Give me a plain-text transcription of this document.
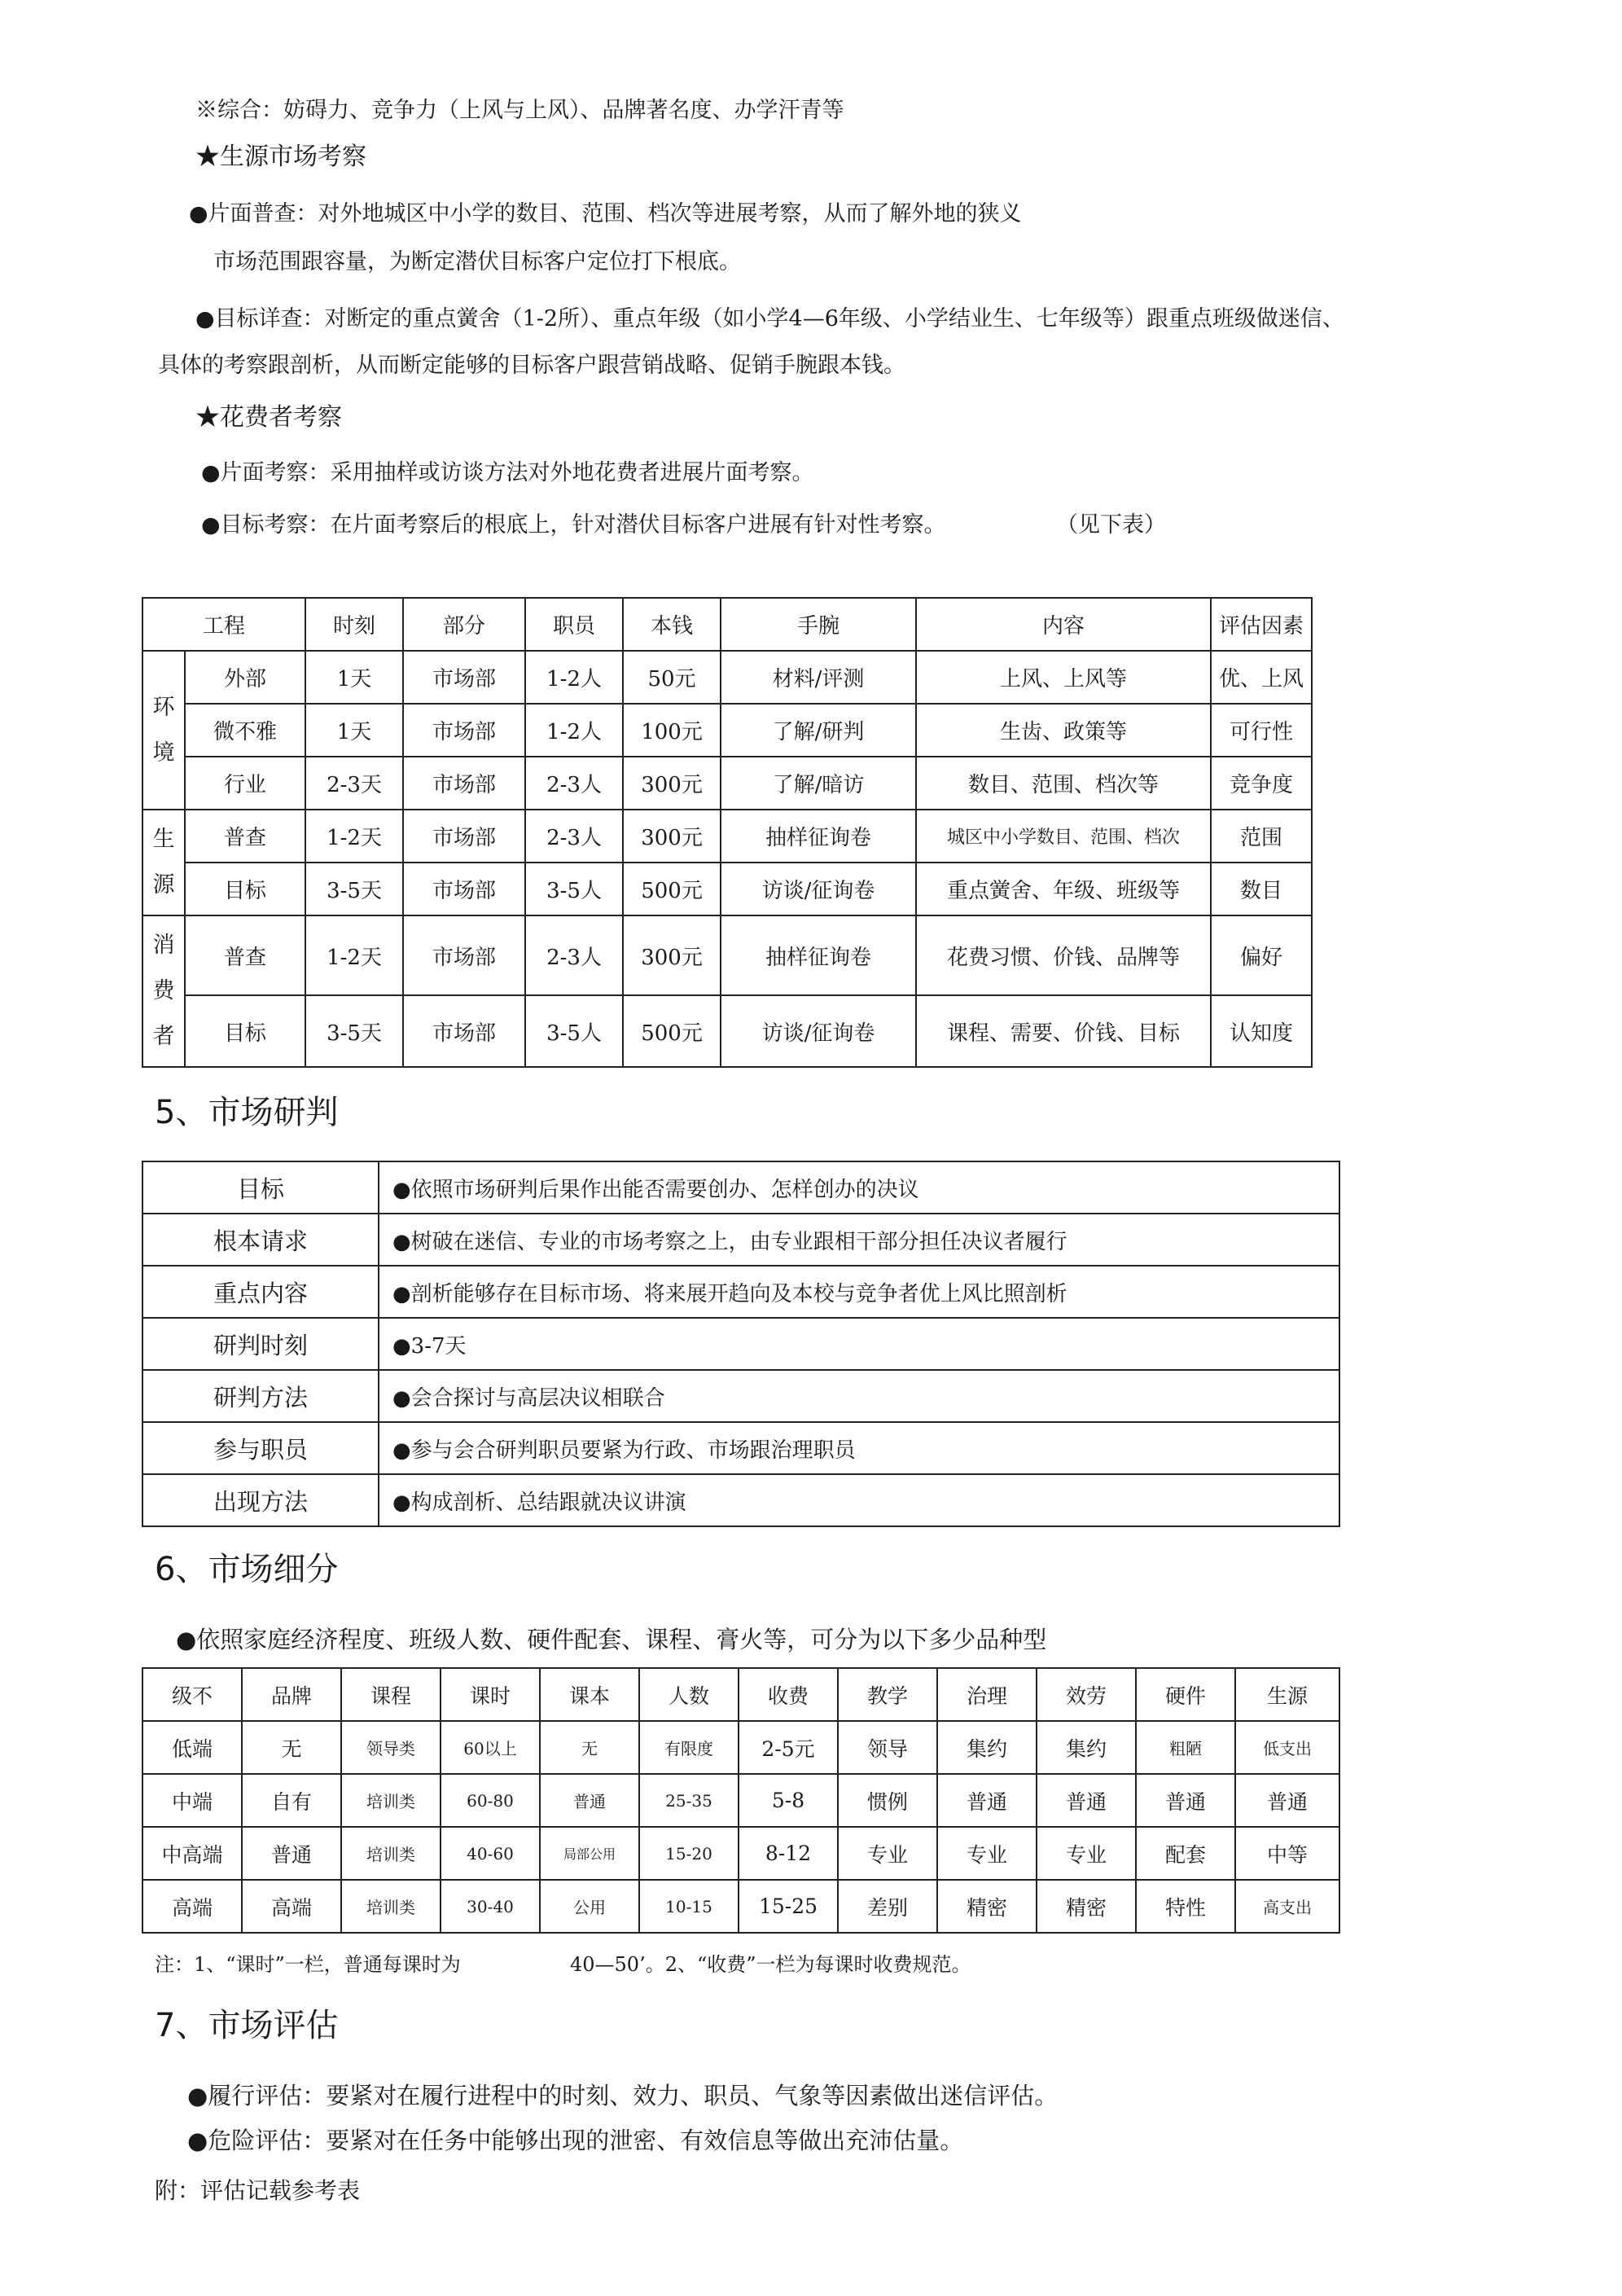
※综合：妨碍力、竞争力（上风与上风）、品牌著名度、办学汗青等
★生源市场考察
●片面普查：对外地城区中小学的数目、范围、档次等进展考察，从而了解外地的狭义
市场范围跟容量，为断定潜伏目标客户定位打下根底。
●目标详查：对断定的重点黉舍（1-2所）、重点年级（如小学4—6年级、小学结业生、七年级等）跟重点班级做迷信、
具体的考察跟剖析，从而断定能够的目标客户跟营销战略、促销手腕跟本钱。
★花费者考察
●片面考察：采用抽样或访谈方法对外地花费者进展片面考察。
●目标考察：在片面考察后的根底上，针对潜伏目标客户进展有针对性考察。	（见下表）
工程		时刻	部分	职员	本钱	手腕	内容	评估因素
环
境	外部	1天	市场部	1-2人	50元	材料/评测	上风、上风等	优、上风
	微不雅	1天	市场部	1-2人	100元	了解/研判	生齿、政策等	可行性
	行业	2-3天	市场部	2-3人	300元	了解/暗访	数目、范围、档次等	竞争度
生
源	普查	1-2天	市场部	2-3人	300元	抽样征询卷	城区中小学数目、范围、档次	范围
	目标	3-5天	市场部	3-5人	500元	访谈/征询卷	重点黉舍、年级、班级等	数目
消
费
者	普查	1-2天	市场部	2-3人	300元	抽样征询卷	花费习惯、价钱、品牌等	偏好
	目标	3-5天	市场部	3-5人	500元	访谈/征询卷	课程、需要、价钱、目标	认知度
5、市场研判
目标	●依照市场研判后果作出能否需要创办、怎样创办的决议
根本请求	●树破在迷信、专业的市场考察之上，由专业跟相干部分担任决议者履行
重点内容	●剖析能够存在目标市场、将来展开趋向及本校与竞争者优上风比照剖析
研判时刻	●3-7天
研判方法	●会合探讨与高层决议相联合
参与职员	●参与会合研判职员要紧为行政、市场跟治理职员
出现方法	●构成剖析、总结跟就决议讲演
6、市场细分
●依照家庭经济程度、班级人数、硬件配套、课程、膏火等，可分为以下多少品种型
级不	品牌	课程	课时	课本	人数	收费	教学	治理	效劳	硬件	生源
低端	无	领导类	60以上	无	有限度	2-5元	领导	集约	集约	粗陋	低支出
中端	自有	培训类	60-80	普通	25-35	5-8	惯例	普通	普通	普通	普通
中高端	普通	培训类	40-60	局部公用	15-20	8-12	专业	专业	专业	配套	中等
高端	高端	培训类	30-40	公用	10-15	15-25	差别	精密	精密	特性	高支出
注：1、“课时”一栏，普通每课时为	40—50’。2、“收费”一栏为每课时收费规范。
7、市场评估
●履行评估：要紧对在履行进程中的时刻、效力、职员、气象等因素做出迷信评估。
●危险评估：要紧对在任务中能够出现的泄密、有效信息等做出充沛估量。
附：评估记载参考表
